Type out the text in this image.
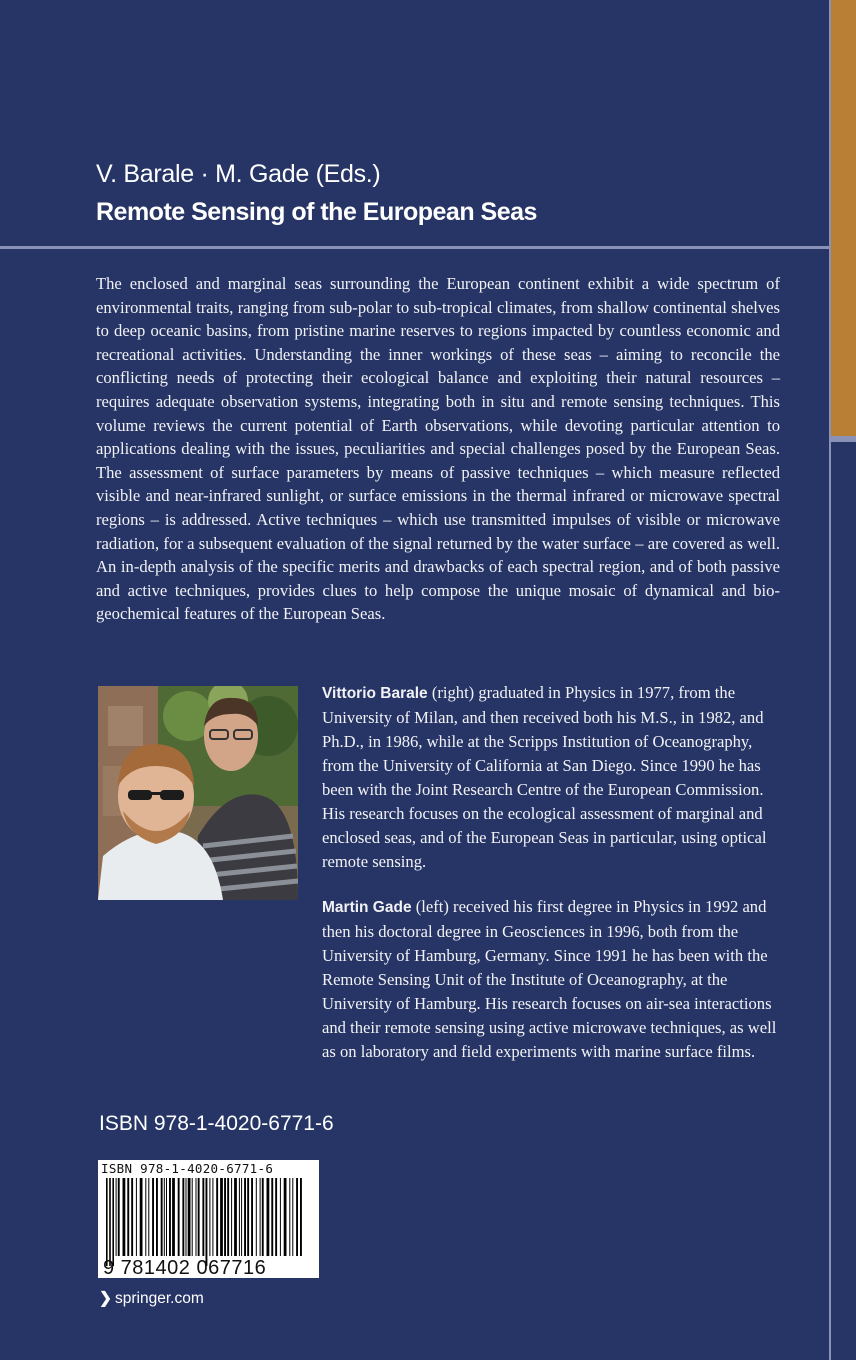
V. Barale · M. Gade (Eds.)
Remote Sensing of the European Seas

The enclosed and marginal seas surrounding the European continent exhibit a wide spectrum of environmental traits, ranging from sub-polar to sub-tropical climates, from shallow continental shelves to deep oceanic basins, from pristine marine reserves to regions impacted by countless economic and recreational activities. Understanding the inner workings of these seas – aiming to reconcile the conflicting needs of protecting their ecological balance and exploiting their natural resources – requires adequate observation systems, integrating both in situ and remote sensing techniques. This volume reviews the current potential of Earth observations, while devoting particular attention to applications dealing with the issues, peculiarities and special challenges posed by the European Seas. The assessment of surface parameters by means of passive techniques – which measure reflected visible and near-infrared sunlight, or surface emissions in the thermal infrared or microwave spectral regions – is addressed. Active techniques – which use transmitted impulses of visible or microwave radiation, for a subsequent evaluation of the signal returned by the water surface – are covered as well. An in-depth analysis of the specific merits and drawbacks of each spectral region, and of both passive and active techniques, provides clues to help compose the unique mosaic of dynamical and bio-geochemical features of the European Seas.

Vittorio Barale (right) graduated in Physics in 1977, from the University of Milan, and then received both his M.S., in 1982, and Ph.D., in 1986, while at the Scripps Institution of Oceanography, from the University of California at San Diego. Since 1990 he has been with the Joint Research Centre of the European Commission. His research focuses on the ecological assessment of marginal and enclosed seas, and of the European Seas in particular, using optical remote sensing.

Martin Gade (left) received his first degree in Physics in 1992 and then his doctoral degree in Geosciences in 1996, both from the University of Hamburg, Germany. Since 1991 he has been with the Remote Sensing Unit of the Institute of Oceanography, at the University of Hamburg. His research focuses on air-sea interactions and their remote sensing using active microwave techniques, as well as on laboratory and field experiments with marine surface films.

ISBN 978-1-4020-6771-6
ISBN 978-1-4020-6771-6
9 781402 067716
❯ springer.com
